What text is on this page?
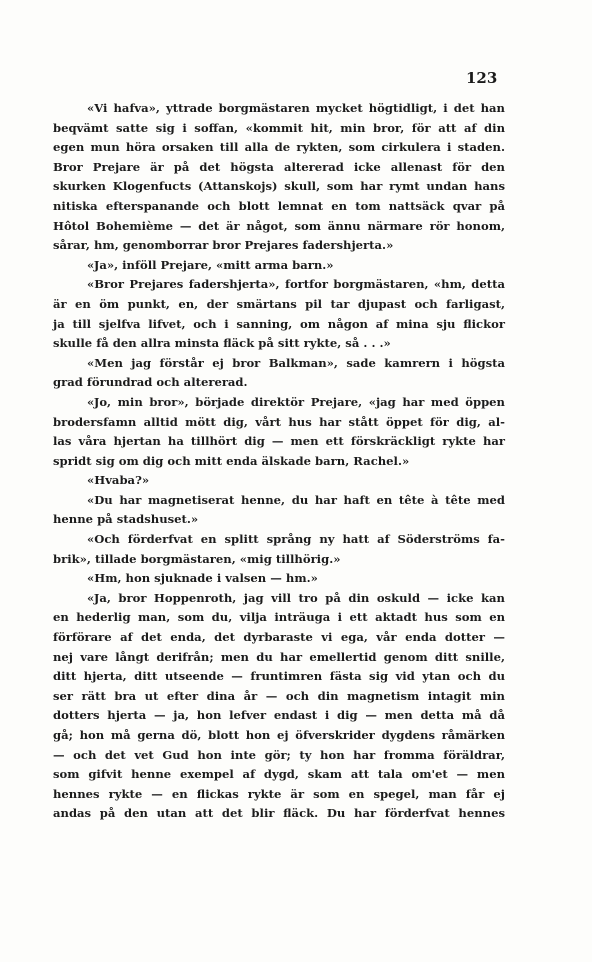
123
«Vi hafva», yttrade borgmästaren mycket högtidligt, i det han
beqvämt satte sig i soffan, «kommit hit, min bror, för att af din
egen mun höra orsaken till alla de rykten, som cirkulera i staden.
Bror Prejare är på det högsta altererad icke allenast för den
skurken Klogenfucts (Attanskojs) skull, som har rymt undan hans
nitiska efterspanande och blott lemnat en tom nattsäck qvar på
Hôtol Bohemième — det är något, som ännu närmare rör honom,
sårar, hm, genomborrar bror Prejares fadershjerta.»
«Ja», inföll Prejare, «mitt arma barn.»
«Bror Prejares fadershjerta», fortfor borgmästaren, «hm, detta
är en öm punkt, en, der smärtans pil tar djupast och farligast,
ja till sjelfva lifvet, och i sanning, om någon af mina sju flickor
skulle få den allra minsta fläck på sitt rykte, så . . .»
«Men jag förstår ej bror Balkman», sade kamrern i högsta
grad förundrad och altererad.
«Jo, min bror», började direktör Prejare, «jag har med öppen
brodersfamn alltid mött dig, vårt hus har stått öppet för dig, al-
las våra hjertan ha tillhört dig — men ett förskräckligt rykte har
spridt sig om dig och mitt enda älskade barn, Rachel.»
«Hvaba?»
«Du har magnetiserat henne, du har haft en tête à tête med
henne på stadshuset.»
«Och förderfvat en splitt språng ny hatt af Söderströms fa-
brik», tillade borgmästaren, «mig tillhörig.»
«Hm, hon sjuknade i valsen — hm.»
«Ja, bror Hoppenroth, jag vill tro på din oskuld — icke kan
en hederlig man, som du, vilja inträuga i ett aktadt hus som en
förförare af det enda, det dyrbaraste vi ega, vår enda dotter —
nej vare långt derifrån; men du har emellertid genom ditt snille,
ditt hjerta, ditt utseende — fruntimren fästa sig vid ytan och du
ser rätt bra ut efter dina år — och din magnetism intagit min
dotters hjerta — ja, hon lefver endast i dig — men detta må då
gå; hon må gerna dö, blott hon ej öfverskrider dygdens råmärken
— och det vet Gud hon inte gör; ty hon har fromma föräldrar,
som gifvit henne exempel af dygd, skam att tala om'et — men
hennes rykte — en flickas rykte är som en spegel, man får ej
andas på den utan att det blir fläck. Du har förderfvat hennes
